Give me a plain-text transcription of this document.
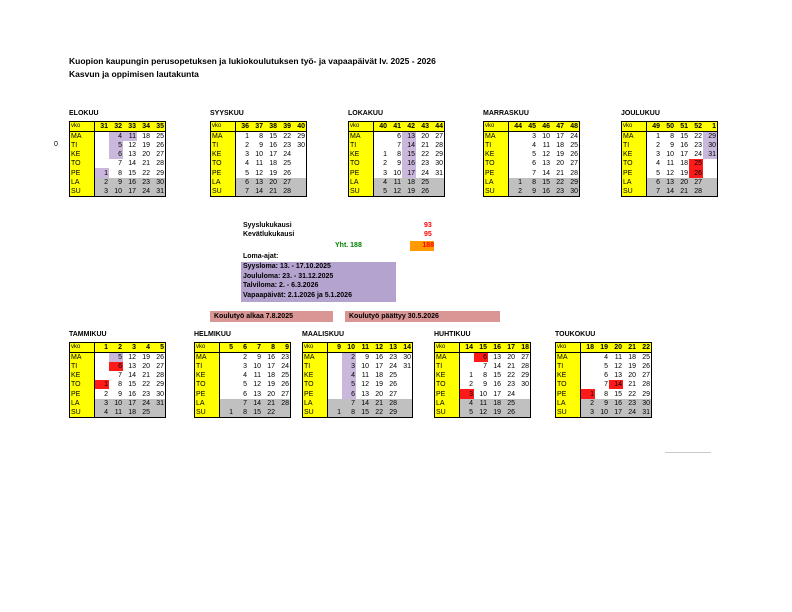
Kuopion kaupungin perusopetuksen ja lukiokoulutuksen työ- ja vapaapäivät lv. 2025 - 2026
Kasvun ja oppimisen lautakunta
0
ELOKUU
vko	31	32	33	34	35
MA		4	11	18	25
TI		5	12	19	26
KE		6	13	20	27
TO		7	14	21	28
PE	1	8	15	22	29
LA	2	9	16	23	30
SU	3	10	17	24	31
SYYSKUU
vko	36	37	38	39	40
MA	1	8	15	22	29
TI	2	9	16	23	30
KE	3	10	17	24	
TO	4	11	18	25	
PE	5	12	19	26	
LA	6	13	20	27	
SU	7	14	21	28	
LOKAKUU
vko	40	41	42	43	44
MA		6	13	20	27
TI		7	14	21	28
KE	1	8	15	22	29
TO	2	9	16	23	30
PE	3	10	17	24	31
LA	4	11	18	25	
SU	5	12	19	26	
MARRASKUU
vko	44	45	46	47	48
MA		3	10	17	24
TI		4	11	18	25
KE		5	12	19	26
TO		6	13	20	27
PE		7	14	21	28
LA	1	8	15	22	29
SU	2	9	16	23	30
JOULUKUU
vko	49	50	51	52	1
MA	1	8	15	22	29
TI	2	9	16	23	30
KE	3	10	17	24	31
TO	4	11	18	25	
PE	5	12	19	26	
LA	6	13	20	27	
SU	7	14	21	28	
TAMMIKUU
vko	1	2	3	4	5
MA		5	12	19	26
TI		6	13	20	27
KE		7	14	21	28
TO	1	8	15	22	29
PE	2	9	16	23	30
LA	3	10	17	24	31
SU	4	11	18	25	
HELMIKUU
vko	5	6	7	8	9
MA		2	9	16	23
TI		3	10	17	24
KE		4	11	18	25
TO		5	12	19	26
PE		6	13	20	27
LA		7	14	21	28
SU	1	8	15	22	
MAALISKUU
vko	9	10	11	12	13	14
MA		2	9	16	23	30
TI		3	10	17	24	31
KE		4	11	18	25	
TO		5	12	19	26	
PE		6	13	20	27	
LA		7	14	21	28	
SU	1	8	15	22	29	
HUHTIKUU
vko	14	15	16	17	18
MA		6	13	20	27
TI		7	14	21	28
KE	1	8	15	22	29
TO	2	9	16	23	30
PE	3	10	17	24	
LA	4	11	18	25	
SU	5	12	19	26	
TOUKOKUU
vko	18	19	20	21	22
MA		4	11	18	25
TI		5	12	19	26
KE		6	13	20	27
TO		7	14	21	28
PE	1	8	15	22	29
LA	2	9	16	23	30
SU	3	10	17	24	31
Syyslukukausi	93
Kevätlukukausi	95
Yht. 188	188
Loma-ajat:
Syysloma: 13. - 17.10.2025
Joululoma: 23. - 31.12.2025
Talviloma: 2. - 6.3.2026
Vapaapäivät: 2.1.2026 ja 5.1.2026
Koulutyö alkaa 7.8.2025	Koulutyö päättyy 30.5.2026
